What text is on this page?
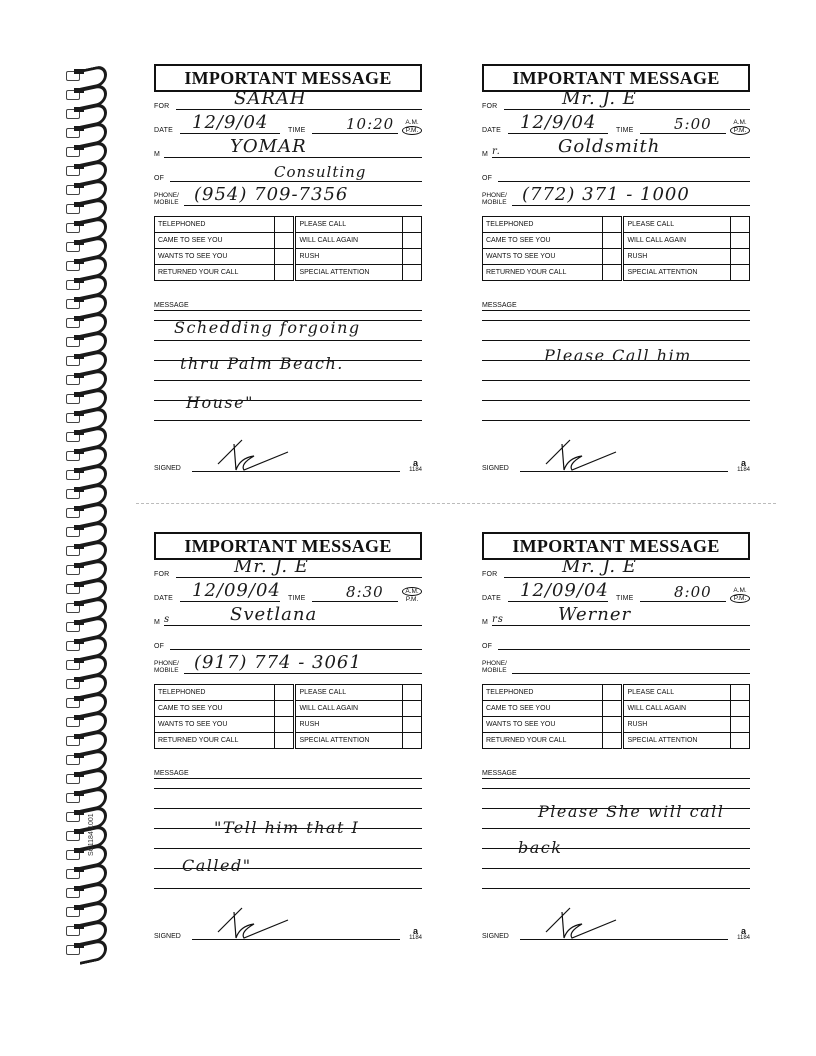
SC1184-1001
IMPORTANT MESSAGE
FOR	SARAH
DATE 12/9/04	TIME	10:20	A.M.
P.M.
M	YOMAR
OF	Consulting
PHONE/
MOBILE (954) 709-7356
TELEPHONED		PLEASE CALL	
CAME TO SEE YOU		WILL CALL AGAIN	
WANTS TO SEE YOU		RUSH	
RETURNED YOUR CALL		SPECIAL ATTENTION	
MESSAGE
Schedding forgoing
thru Palm Beach.
House"
SIGNED
a
1184
IMPORTANT MESSAGE
FOR	Mr. J. E
DATE 12/9/04	TIME	5:00	A.M.
P.M.
M r.	Goldsmith
OF
PHONE/
MOBILE (772) 371 - 1000
TELEPHONED		PLEASE CALL	
CAME TO SEE YOU		WILL CALL AGAIN	
WANTS TO SEE YOU		RUSH	
RETURNED YOUR CALL		SPECIAL ATTENTION	
MESSAGE
Please Call him
SIGNED
a
1184
IMPORTANT MESSAGE
FOR	Mr. J. E
DATE 12/09/04 TIME	8:30	A.M.
P.M.
M s	Svetlana
OF
PHONE/
MOBILE (917) 774 - 3061
TELEPHONED		PLEASE CALL	
CAME TO SEE YOU		WILL CALL AGAIN	
WANTS TO SEE YOU		RUSH	
RETURNED YOUR CALL		SPECIAL ATTENTION	
MESSAGE
"Tell him that I
Called"
SIGNED
a
1184
IMPORTANT MESSAGE
FOR	Mr. J. E
DATE 12/09/04 TIME	8:00	A.M.
P.M.
M rs	Werner
OF
PHONE/
MOBILE
TELEPHONED		PLEASE CALL	
CAME TO SEE YOU		WILL CALL AGAIN	
WANTS TO SEE YOU		RUSH	
RETURNED YOUR CALL		SPECIAL ATTENTION	
MESSAGE
Please She will call
back
SIGNED
a
1184
